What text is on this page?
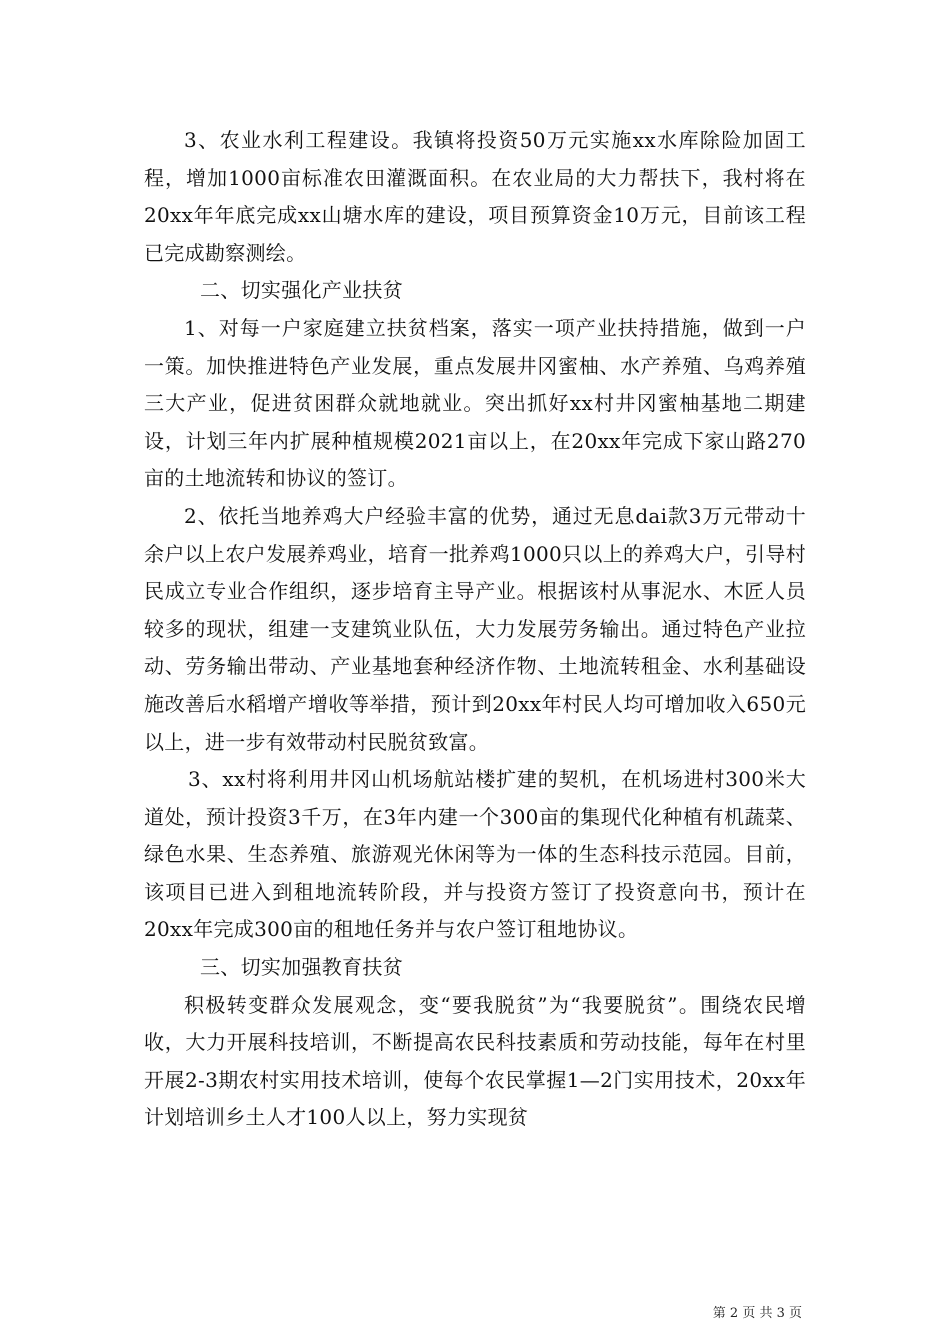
3、农业水利工程建设。我镇将投资50万元实施xx水库除险加固工程，增加1000亩标准农田灌溉面积。在农业局的大力帮扶下，我村将在20xx年年底完成xx山塘水库的建设，项目预算资金10万元，目前该工程已完成勘察测绘。

二、切实强化产业扶贫

1、对每一户家庭建立扶贫档案，落实一项产业扶持措施，做到一户一策。加快推进特色产业发展，重点发展井冈蜜柚、水产养殖、乌鸡养殖三大产业，促进贫困群众就地就业。突出抓好xx村井冈蜜柚基地二期建设，计划三年内扩展种植规模2021亩以上，在20xx年完成下家山路270亩的土地流转和协议的签订。

2、依托当地养鸡大户经验丰富的优势，通过无息dai款3万元带动十余户以上农户发展养鸡业，培育一批养鸡1000只以上的养鸡大户，引导村民成立专业合作组织，逐步培育主导产业。根据该村从事泥水、木匠人员较多的现状，组建一支建筑业队伍，大力发展劳务输出。通过特色产业拉动、劳务输出带动、产业基地套种经济作物、土地流转租金、水利基础设施改善后水稻增产增收等举措，预计到20xx年村民人均可增加收入650元以上，进一步有效带动村民脱贫致富。

3、xx村将利用井冈山机场航站楼扩建的契机，在机场进村300米大道处，预计投资3千万，在3年内建一个300亩的集现代化种植有机蔬菜、绿色水果、生态养殖、旅游观光休闲等为一体的生态科技示范园。目前，该项目已进入到租地流转阶段，并与投资方签订了投资意向书，预计在20xx年完成300亩的租地任务并与农户签订租地协议。

三、切实加强教育扶贫

积极转变群众发展观念，变“要我脱贫”为“我要脱贫”。围绕农民增收，大力开展科技培训，不断提高农民科技素质和劳动技能，每年在村里开展2-3期农村实用技术培训，使每个农民掌握1—2门实用技术，20xx年计划培训乡土人才100人以上，努力实现贫

第 2 页 共 3 页
